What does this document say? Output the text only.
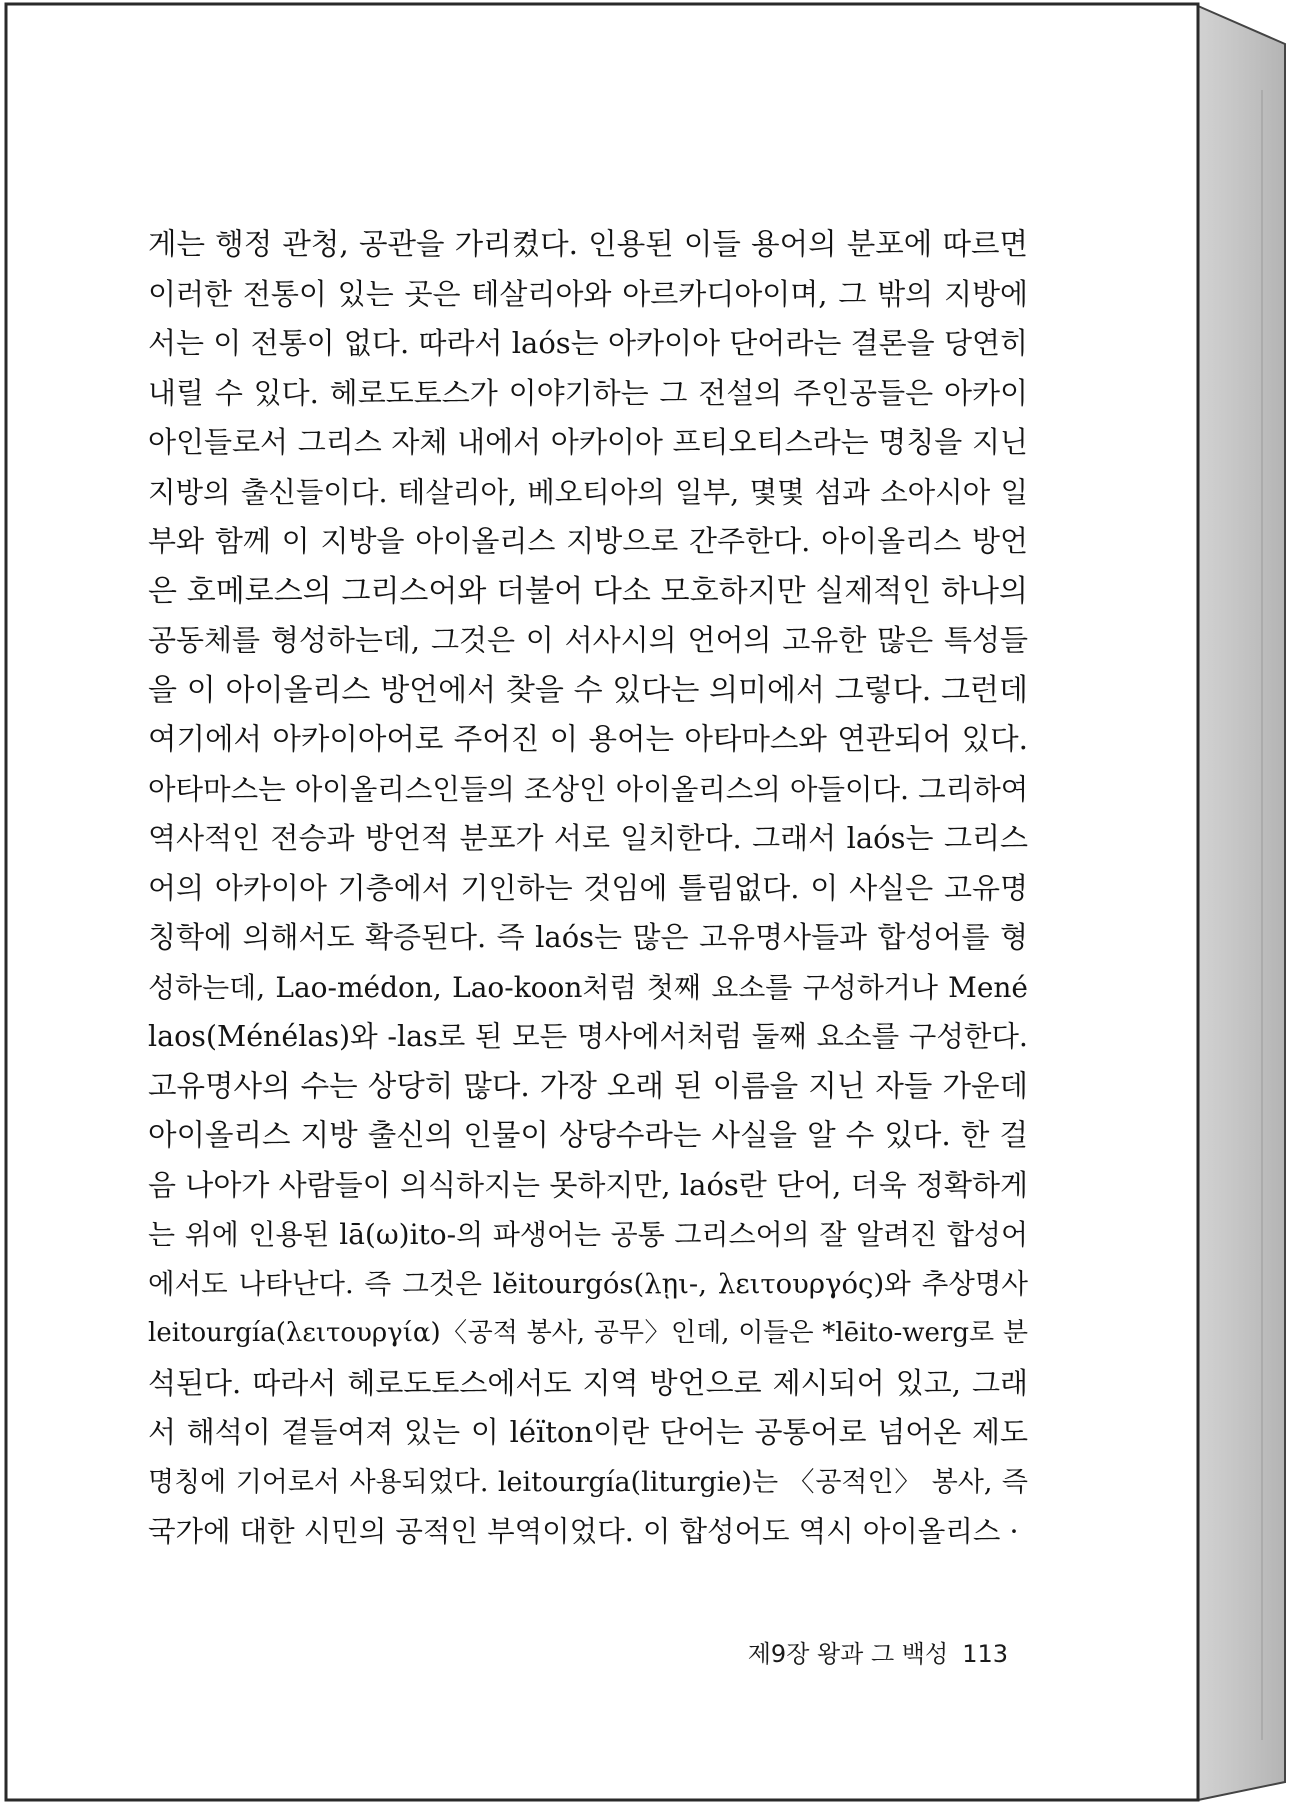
게는 행정 관청, 공관을 가리켰다. 인용된 이들 용어의 분포에 따르면
이러한 전통이 있는 곳은 테살리아와 아르카디아이며, 그 밖의 지방에
서는 이 전통이 없다. 따라서 laós는 아카이아 단어라는 결론을 당연히
내릴 수 있다. 헤로도토스가 이야기하는 그 전설의 주인공들은 아카이
아인들로서 그리스 자체 내에서 아카이아 프티오티스라는 명칭을 지닌
지방의 출신들이다. 테살리아, 베오티아의 일부, 몇몇 섬과 소아시아 일
부와 함께 이 지방을 아이올리스 지방으로 간주한다. 아이올리스 방언
은 호메로스의 그리스어와 더불어 다소 모호하지만 실제적인 하나의
공동체를 형성하는데, 그것은 이 서사시의 언어의 고유한 많은 특성들
을 이 아이올리스 방언에서 찾을 수 있다는 의미에서 그렇다. 그런데
여기에서 아카이아어로 주어진 이 용어는 아타마스와 연관되어 있다.
아타마스는 아이올리스인들의 조상인 아이올리스의 아들이다. 그리하여
역사적인 전승과 방언적 분포가 서로 일치한다. 그래서 laós는 그리스
어의 아카이아 기층에서 기인하는 것임에 틀림없다. 이 사실은 고유명
칭학에 의해서도 확증된다. 즉 laós는 많은 고유명사들과 합성어를 형
성하는데, Lao-médon, Lao-koon처럼 첫째 요소를 구성하거나 Mené
laos(Ménélas)와 -las로 된 모든 명사에서처럼 둘째 요소를 구성한다.
고유명사의 수는 상당히 많다. 가장 오래 된 이름을 지닌 자들 가운데
아이올리스 지방 출신의 인물이 상당수라는 사실을 알 수 있다. 한 걸
음 나아가 사람들이 의식하지는 못하지만, laós란 단어, 더욱 정확하게
는 위에 인용된 lā(ω)ito-의 파생어는 공통 그리스어의 잘 알려진 합성어
에서도 나타난다. 즉 그것은 lĕitourgós(λῃι-, λειτουργός)와 추상명사
leitourgía(λειτουργία)〈공적 봉사, 공무〉인데, 이들은 *lēito-werg로 분
석된다. 따라서 헤로도토스에서도 지역 방언으로 제시되어 있고, 그래
서 해석이 곁들여져 있는 이 léïton이란 단어는 공통어로 넘어온 제도
명칭에 기어로서 사용되었다. leitourgía(liturgie)는 〈공적인〉 봉사, 즉
국가에 대한 시민의 공적인 부역이었다. 이 합성어도 역시 아이올리스 ·
제9장 왕과 그 백성 113
